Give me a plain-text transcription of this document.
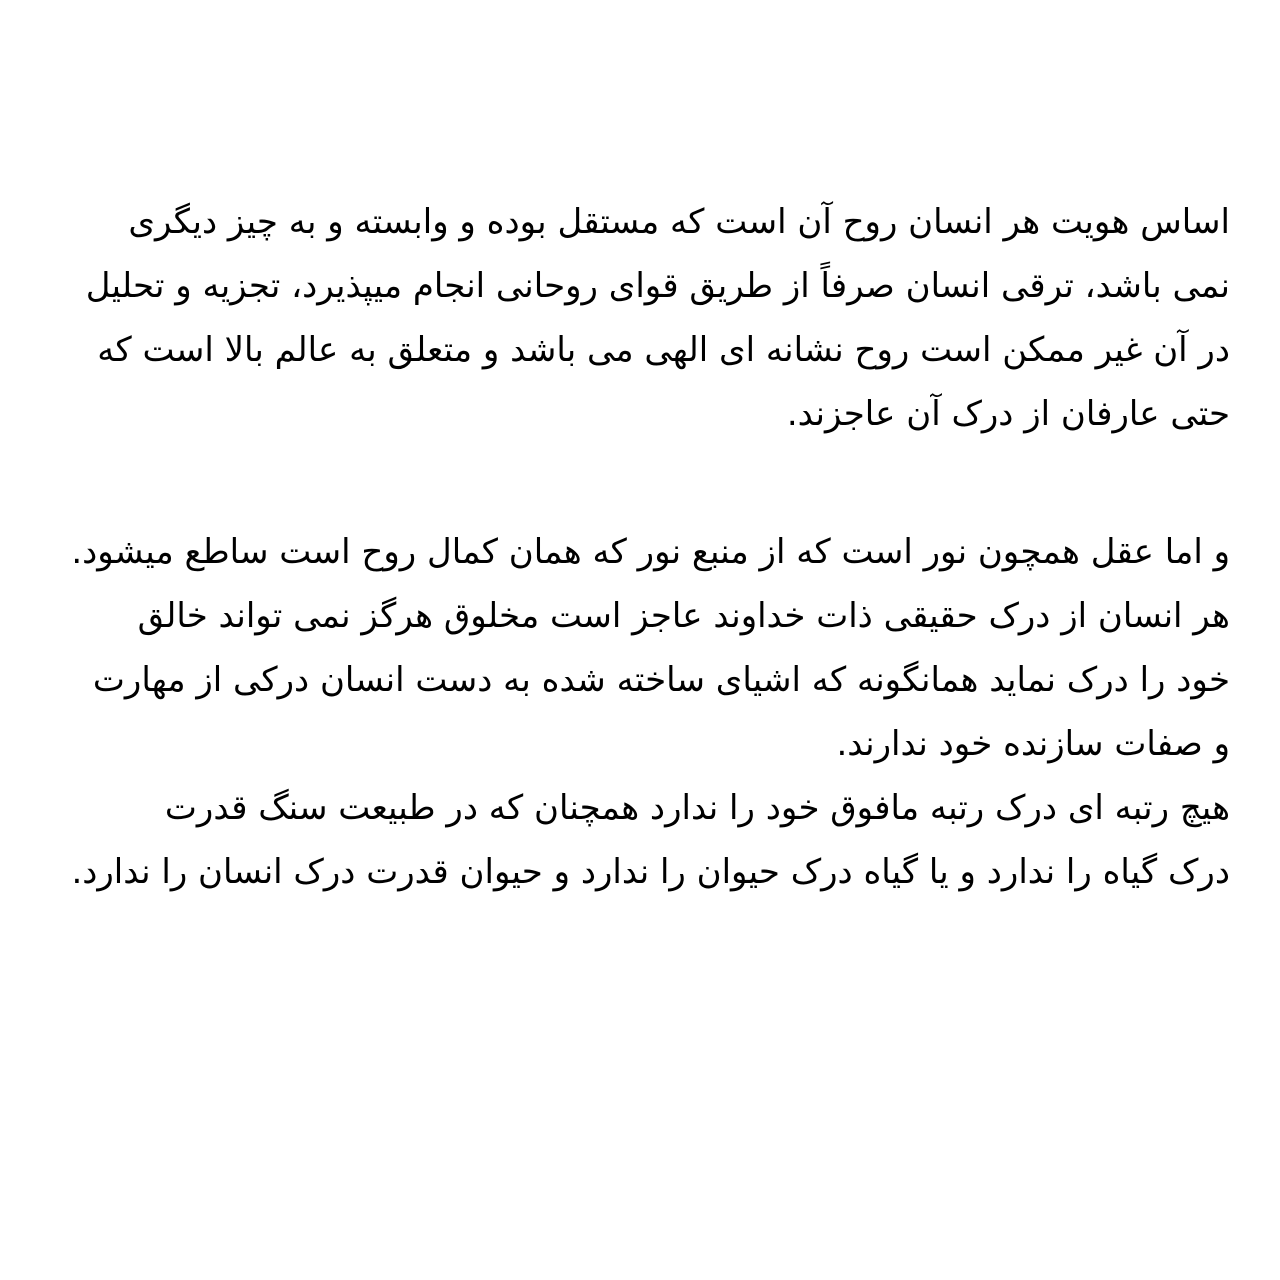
اساس هویت هر انسان روح آن است که مستقل بوده و وابسته و به چیز دیگری
نمی باشد، ترقی انسان صرفاً از طریق قوای روحانی انجام میپذیرد، تجزیه و تحلیل
در آن غیر ممکن است روح نشانه ای الهی می باشد و متعلق به عالم بالا است که
حتی عارفان از درک آن عاجزند.
و اما عقل همچون نور است که از منبع نور که همان کمال روح است ساطع میشود.
هر انسان از درک حقیقی ذات خداوند عاجز است مخلوق هرگز نمی تواند خالق
خود را درک نماید همانگونه که اشیای ساخته شده به دست انسان درکی از مهارت
و صفات سازنده خود ندارند.
هیچ رتبه ای درک رتبه مافوق خود را ندارد همچنان که در طبیعت سنگ قدرت
درک گیاه را ندارد و یا گیاه درک حیوان را ندارد و حیوان قدرت درک انسان را ندارد.
